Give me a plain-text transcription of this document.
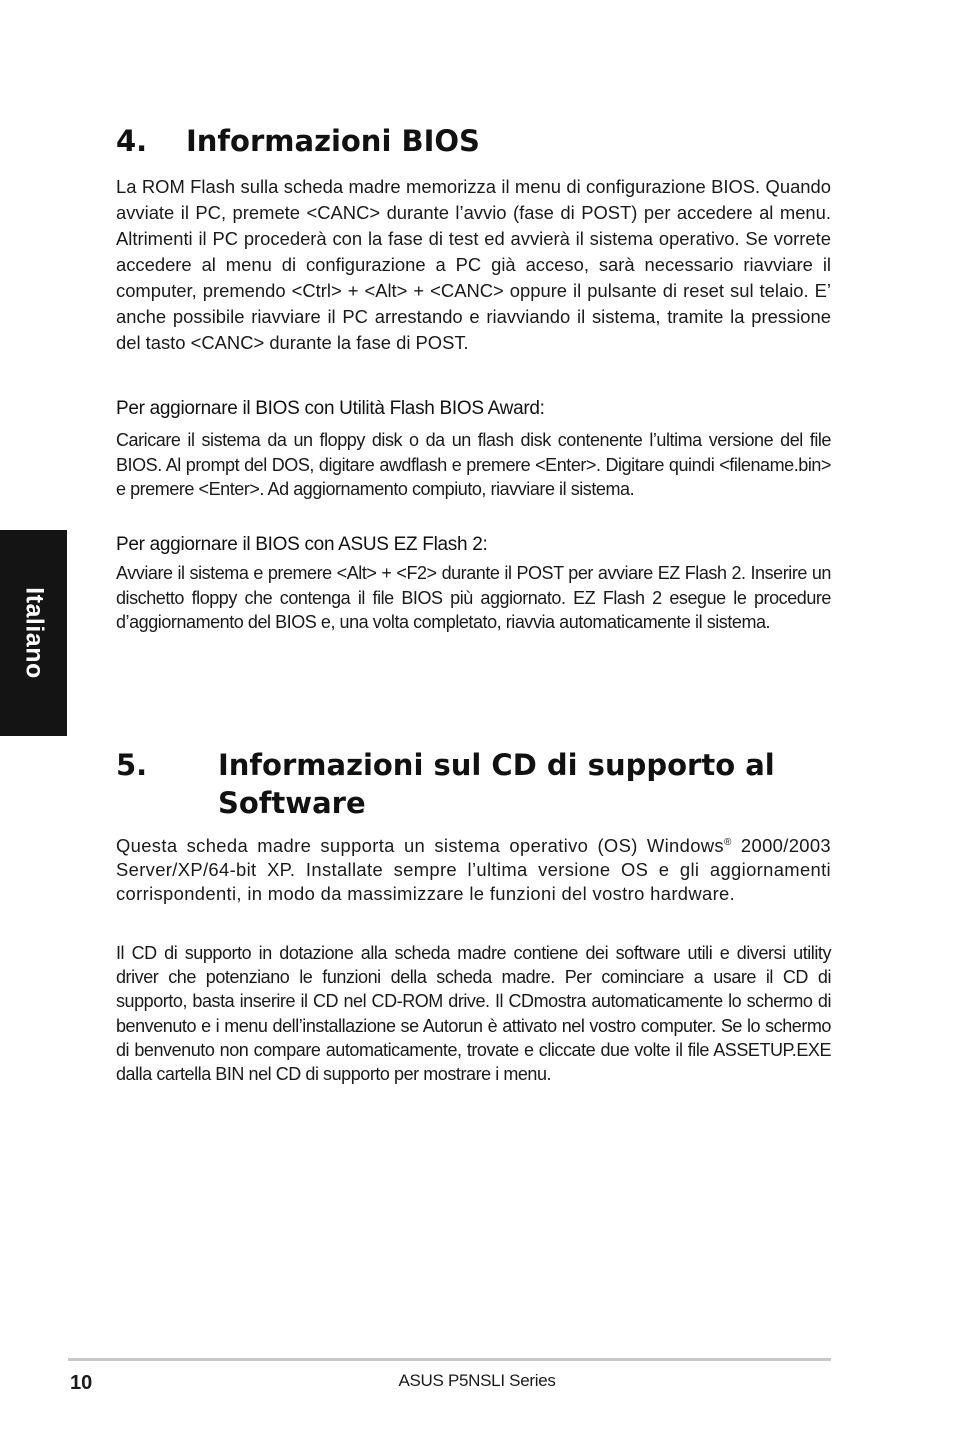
Italiano
4. Informazioni BIOS

La ROM Flash sulla scheda madre memorizza il menu di configurazione BIOS. Quando avviate il PC, premete <CANC> durante l’avvio (fase di POST) per accedere al menu. Altrimenti il PC procederà con la fase di test ed avvierà il sistema operativo. Se vorrete accedere al menu di configurazione a PC già acceso, sarà necessario riavviare il computer, premendo <Ctrl> + <Alt> + <CANC> oppure il pulsante di reset sul telaio. E’ anche possibile riavviare il PC arrestando e riavviando il sistema, tramite la pressione del tasto <CANC> durante la fase di POST.

Per aggiornare il BIOS con Utilità Flash BIOS Award:

Caricare il sistema da un floppy disk o da un flash disk contenente l’ultima versione del file BIOS. Al prompt del DOS, digitare awdflash e premere <Enter>. Digitare quindi <filename.bin> e premere <Enter>. Ad aggiornamento compiuto, riavviare il sistema.

Per aggiornare il BIOS con ASUS EZ Flash 2:

Avviare il sistema e premere <Alt> + <F2> durante il POST per avviare EZ Flash 2. Inserire un dischetto floppy che contenga il file BIOS più aggiornato. EZ Flash 2 esegue le procedure d’aggiornamento del BIOS e, una volta completato, riavvia automaticamente il sistema.

5. Informazioni sul CD di supporto al Software

Questa scheda madre supporta un sistema operativo (OS) Windows® 2000/2003 Server/XP/64-bit XP. Installate sempre l’ultima versione OS e gli aggiornamenti corrispondenti, in modo da massimizzare le funzioni del vostro hardware.

Il CD di supporto in dotazione alla scheda madre contiene dei software utili e diversi utility driver che potenziano le funzioni della scheda madre. Per cominciare a usare il CD di supporto, basta inserire il CD nel CD-ROM drive. Il CDmostra automaticamente lo schermo di benvenuto e i menu dell’installazione se Autorun è attivato nel vostro computer. Se lo schermo di benvenuto non compare automaticamente, trovate e cliccate due volte il file ASSETUP.EXE dalla cartella BIN nel CD di supporto per mostrare i menu.

10	ASUS P5NSLI Series
